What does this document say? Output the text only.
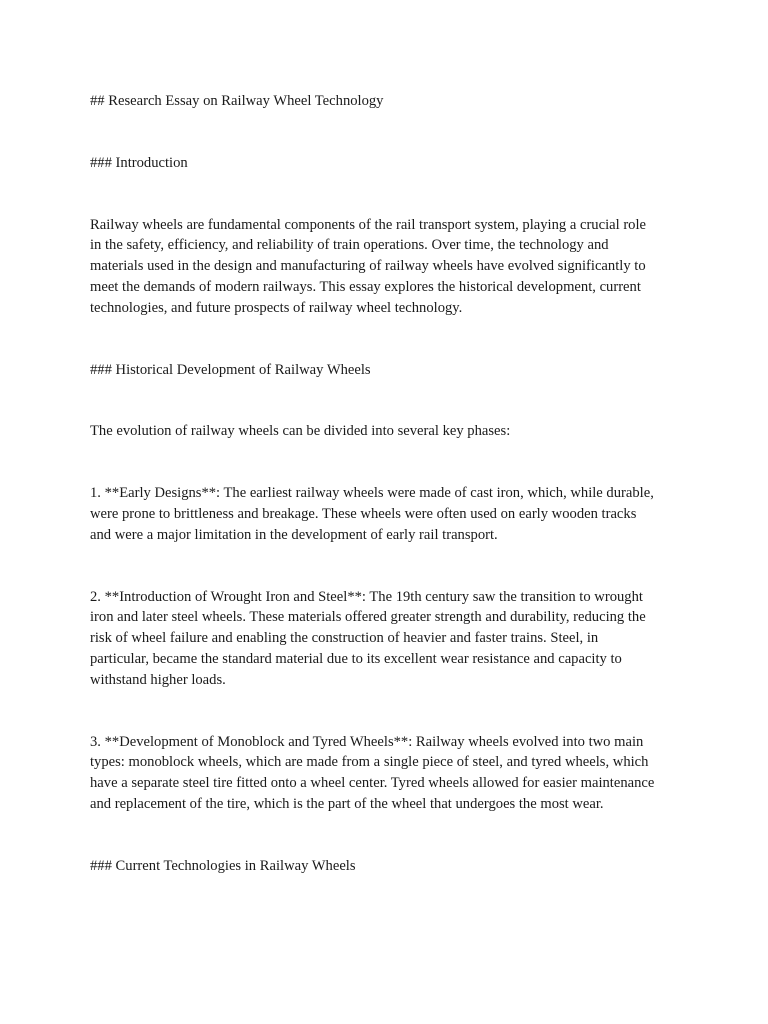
## Research Essay on Railway Wheel Technology

### Introduction

Railway wheels are fundamental components of the rail transport system, playing a crucial role
in the safety, efficiency, and reliability of train operations. Over time, the technology and
materials used in the design and manufacturing of railway wheels have evolved significantly to
meet the demands of modern railways. This essay explores the historical development, current
technologies, and future prospects of railway wheel technology.

### Historical Development of Railway Wheels

The evolution of railway wheels can be divided into several key phases:

1. **Early Designs**: The earliest railway wheels were made of cast iron, which, while durable,
were prone to brittleness and breakage. These wheels were often used on early wooden tracks
and were a major limitation in the development of early rail transport.
2. **Introduction of Wrought Iron and Steel**: The 19th century saw the transition to wrought
iron and later steel wheels. These materials offered greater strength and durability, reducing the
risk of wheel failure and enabling the construction of heavier and faster trains. Steel, in
particular, became the standard material due to its excellent wear resistance and capacity to
withstand higher loads.
3. **Development of Monoblock and Tyred Wheels**: Railway wheels evolved into two main
types: monoblock wheels, which are made from a single piece of steel, and tyred wheels, which
have a separate steel tire fitted onto a wheel center. Tyred wheels allowed for easier maintenance
and replacement of the tire, which is the part of the wheel that undergoes the most wear.

### Current Technologies in Railway Wheels
